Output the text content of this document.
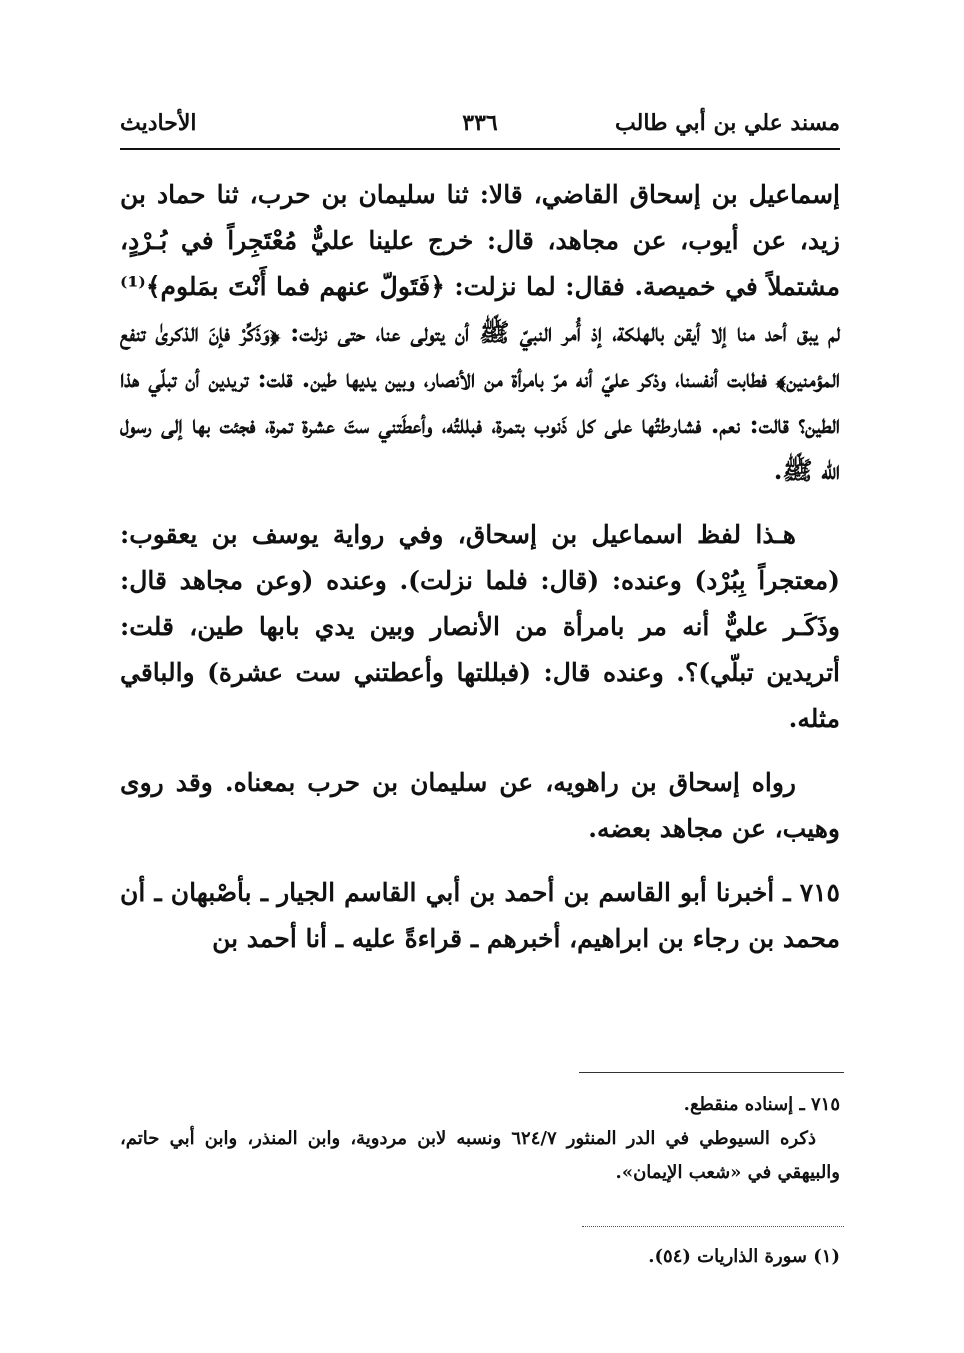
مسند علي بن أبي طالب
٣٣٦
الأحاديث

إسماعيل بن إسحاق القاضي، قالا: ثنا سليمان بن حرب، ثنا حماد بن زيد، عن أيوب، عن مجاهد، قال: خرج علينا عليٌّ مُعْتَجِراً في بُـرْدٍ، مشتملاً في خميصة. فقال: لما نزلت: ﴿فَتَولّ عنهم فما أَنْتَ بمَلوم﴾⁽¹⁾ لم يبق أحد منا إلا أيقن بالهلكة، إذ أُمر النبيّ ﷺ أن يتولى عنا، حتى نزلت: ﴿وَذَكِّرْ فإنَ الذكرىٰ تنفع المؤمنين﴾ فطابت أنفسنا، وذكر عليّ أنه مرّ بامرأة من الأنصار، وبين يديها طين. قلت: تريدين أن تبلّي هذا الطين؟ قالت: نعم. فشارطتُها على كل ذَنوب بتمرة، فبللتُه، وأعطَتني ستَ عشرة تمرة، فجئت بها إلى رسول الله ﷺ.

هـذا لفظ اسماعيل بن إسحاق، وفي رواية يوسف بن يعقوب: (معتجراً بِبُرْد) وعنده: (قال: فلما نزلت). وعنده (وعن مجاهد قال: وذَكَـر عليٌّ أنه مر بامرأة من الأنصار وبين يدي بابها طين، قلت: أتريدين تبلّي)؟. وعنده قال: (فبللتها وأعطتني ست عشرة) والباقي مثله.

رواه إسحاق بن راهويه، عن سليمان بن حرب بمعناه. وقد روى وهيب، عن مجاهد بعضه.

٧١٥ ـ أخبرنا أبو القاسم بن أحمد بن أبي القاسم الجيار ـ بأصْبهان ـ أن محمد بن رجاء بن ابراهيم، أخبرهم ـ قراءةً عليه ـ أنا أحمد بن

٧١٥ ـ إسناده منقطع.

ذكره السيوطي في الدر المنثور ٦٢٤/٧ ونسبه لابن مردوية، وابن المنذر، وابن أبي حاتم، والبيهقي في «شعب الإيمان».

(١) سورة الذاريات (٥٤).
